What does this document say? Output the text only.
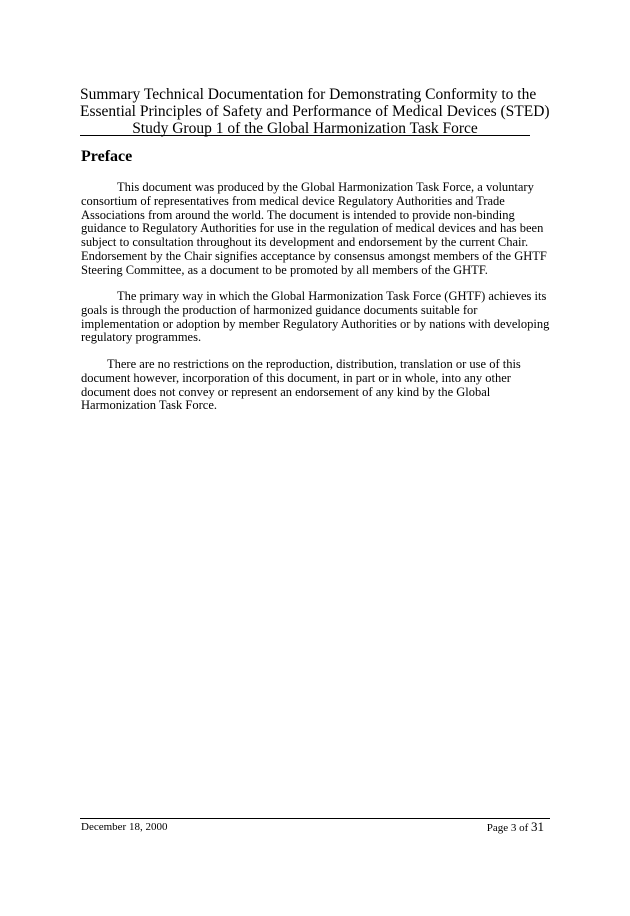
Summary Technical Documentation for Demonstrating Conformity to the
Essential Principles of Safety and Performance of Medical Devices (STED)
Study Group 1 of the Global Harmonization Task Force
Preface
This document was produced by the Global Harmonization Task Force, a voluntary
consortium of representatives from medical device Regulatory Authorities and Trade
Associations from around the world. The document is intended to provide non-binding
guidance to Regulatory Authorities for use in the regulation of medical devices and has been
subject to consultation throughout its development and endorsement by the current Chair.
Endorsement by the Chair signifies acceptance by consensus amongst members of the GHTF
Steering Committee, as a document to be promoted by all members of the GHTF.
The primary way in which the Global Harmonization Task Force (GHTF) achieves its
goals is through the production of harmonized guidance documents suitable for
implementation or adoption by member Regulatory Authorities or by nations with developing
regulatory programmes.
There are no restrictions on the reproduction, distribution, translation or use of this
document however, incorporation of this document, in part or in whole, into any other
document does not convey or represent an endorsement of any kind by the Global
Harmonization Task Force.
December 18, 2000	Page 3 of 31
